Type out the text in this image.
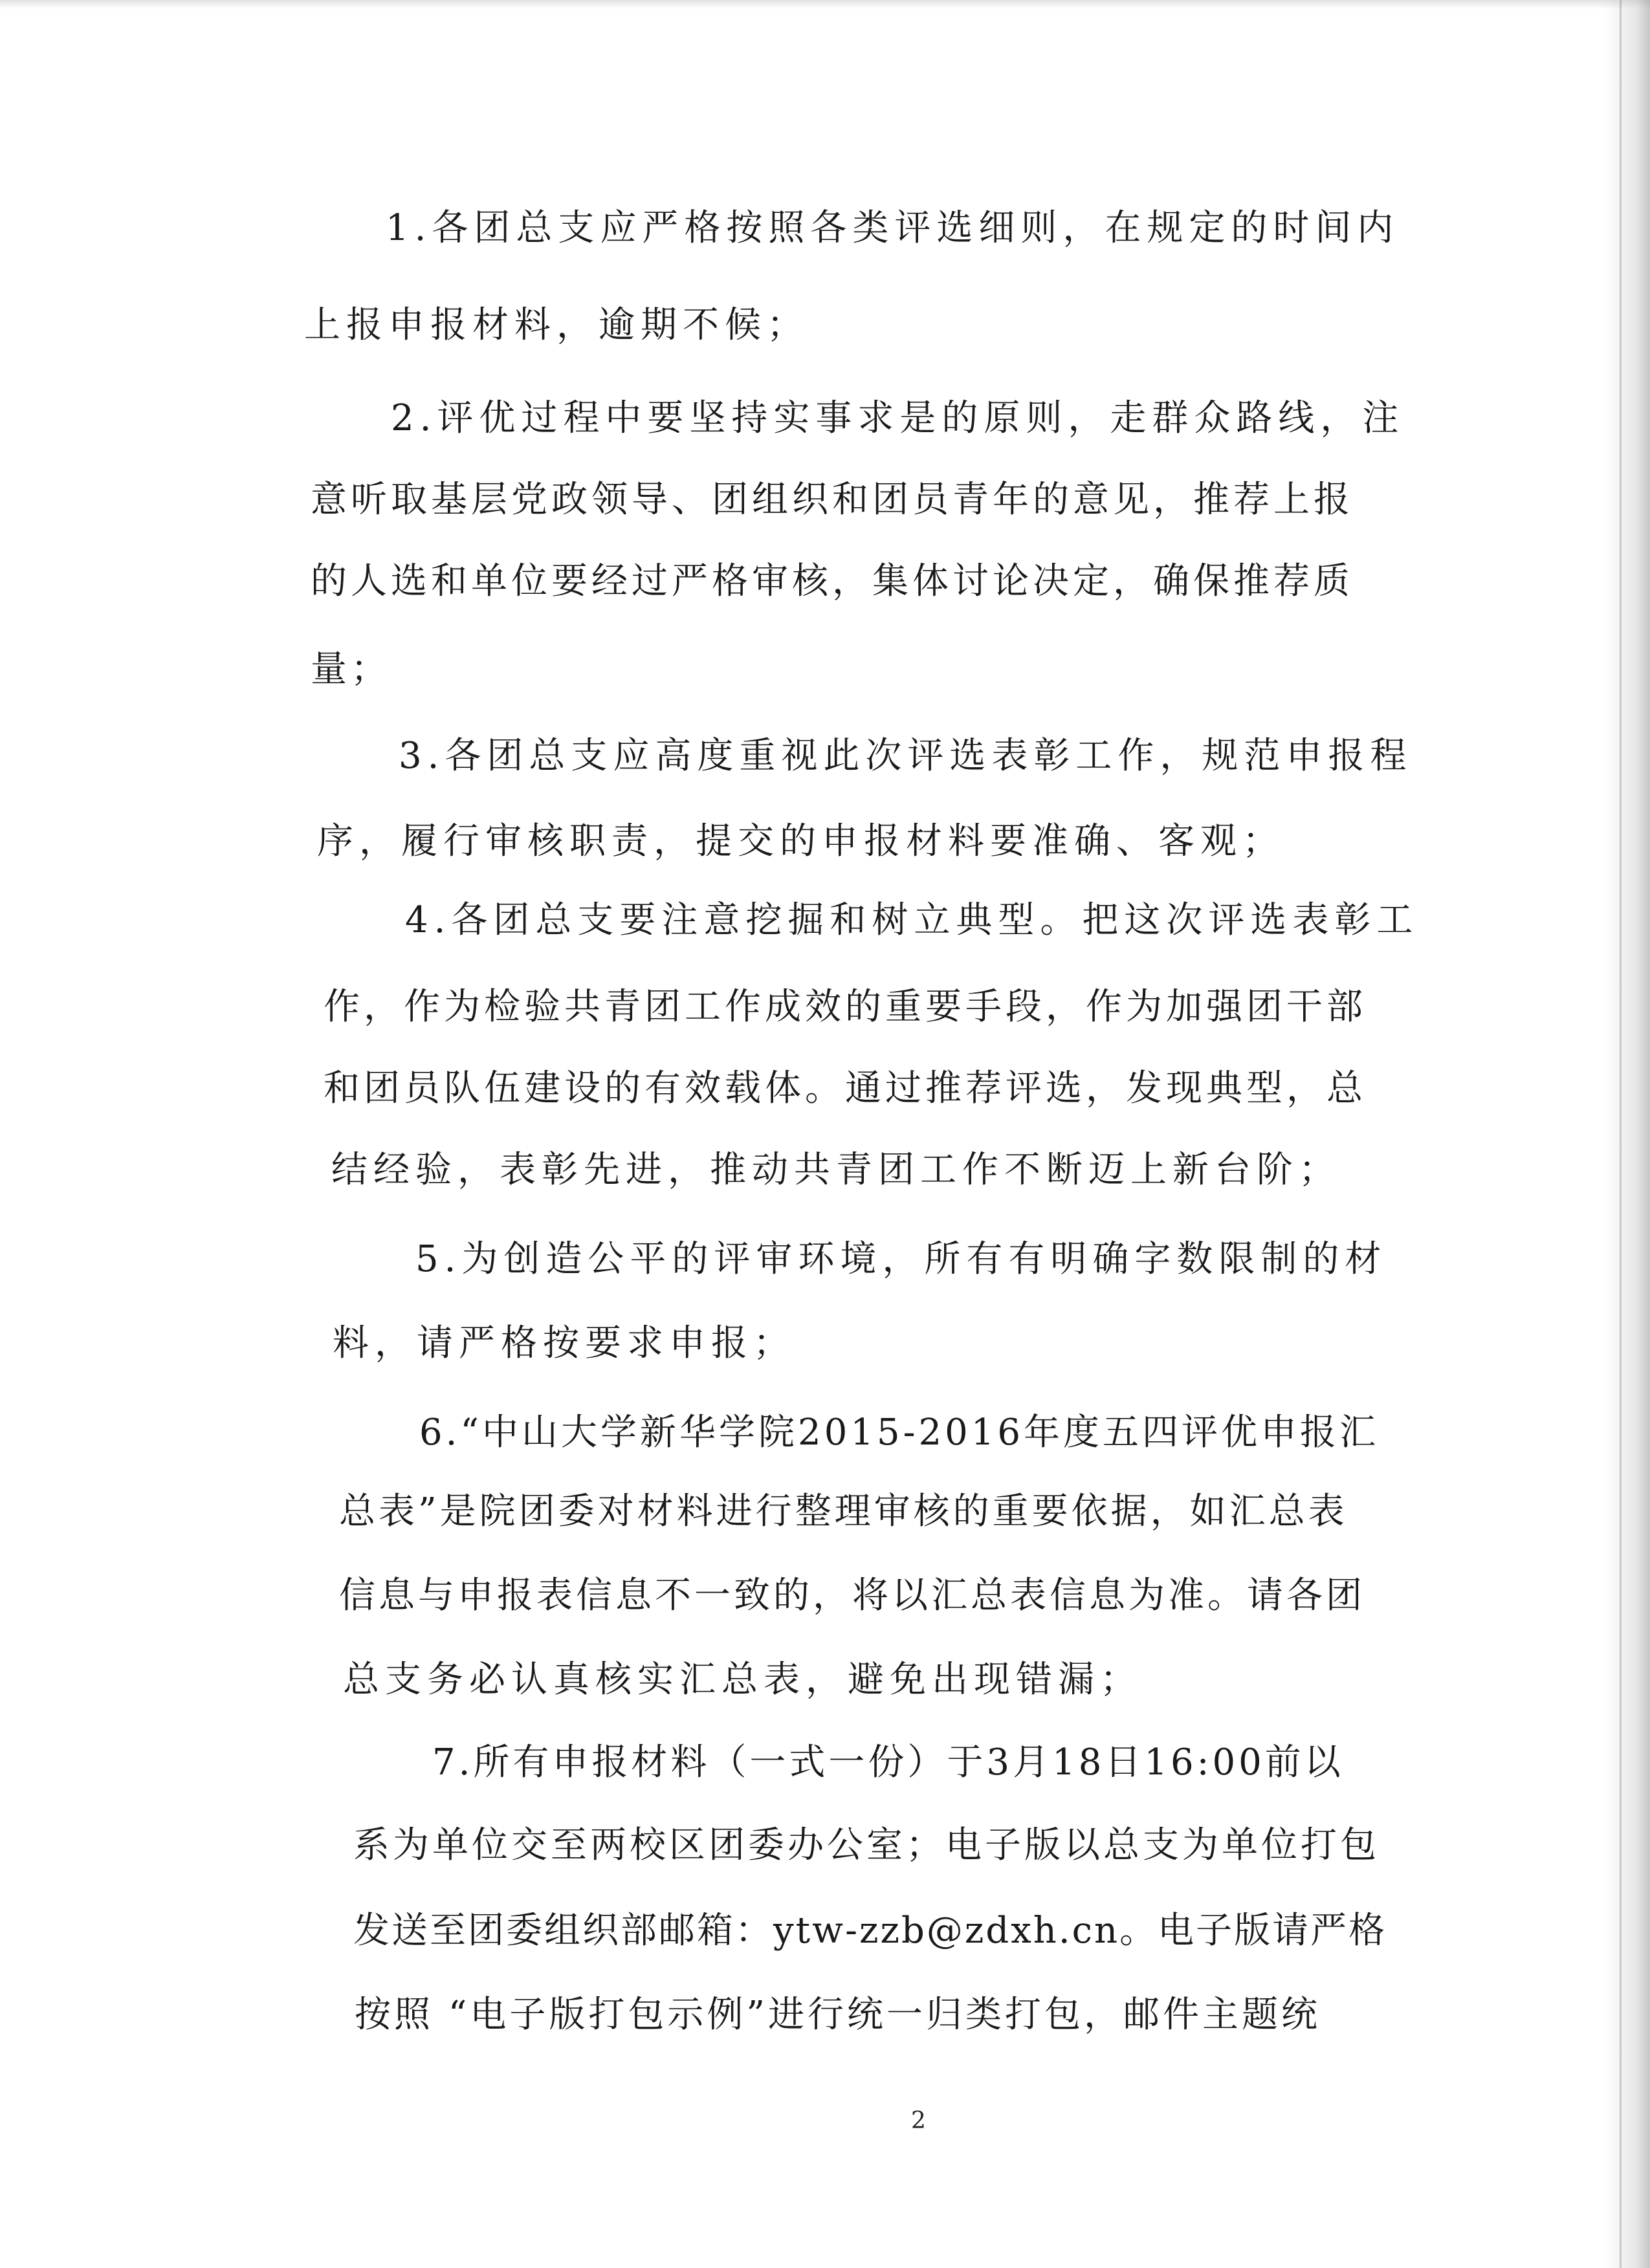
1.各团总支应严格按照各类评选细则，在规定的时间内

上报申报材料，逾期不候；

2.评优过程中要坚持实事求是的原则，走群众路线，注

意听取基层党政领导、团组织和团员青年的意见，推荐上报

的人选和单位要经过严格审核，集体讨论决定，确保推荐质

量；

3.各团总支应高度重视此次评选表彰工作，规范申报程

序，履行审核职责，提交的申报材料要准确、客观；

4.各团总支要注意挖掘和树立典型。把这次评选表彰工

作，作为检验共青团工作成效的重要手段，作为加强团干部

和团员队伍建设的有效载体。通过推荐评选，发现典型，总

结经验，表彰先进，推动共青团工作不断迈上新台阶；

5.为创造公平的评审环境，所有有明确字数限制的材

料，请严格按要求申报；

6.“中山大学新华学院2015-2016年度五四评优申报汇

总表”是院团委对材料进行整理审核的重要依据，如汇总表

信息与申报表信息不一致的，将以汇总表信息为准。请各团

总支务必认真核实汇总表，避免出现错漏；

7.所有申报材料（一式一份）于3月18日16:00前以

系为单位交至两校区团委办公室；电子版以总支为单位打包

发送至团委组织部邮箱：ytw-zzb@zdxh.cn。电子版请严格

按照 “电子版打包示例”进行统一归类打包，邮件主题统

2
